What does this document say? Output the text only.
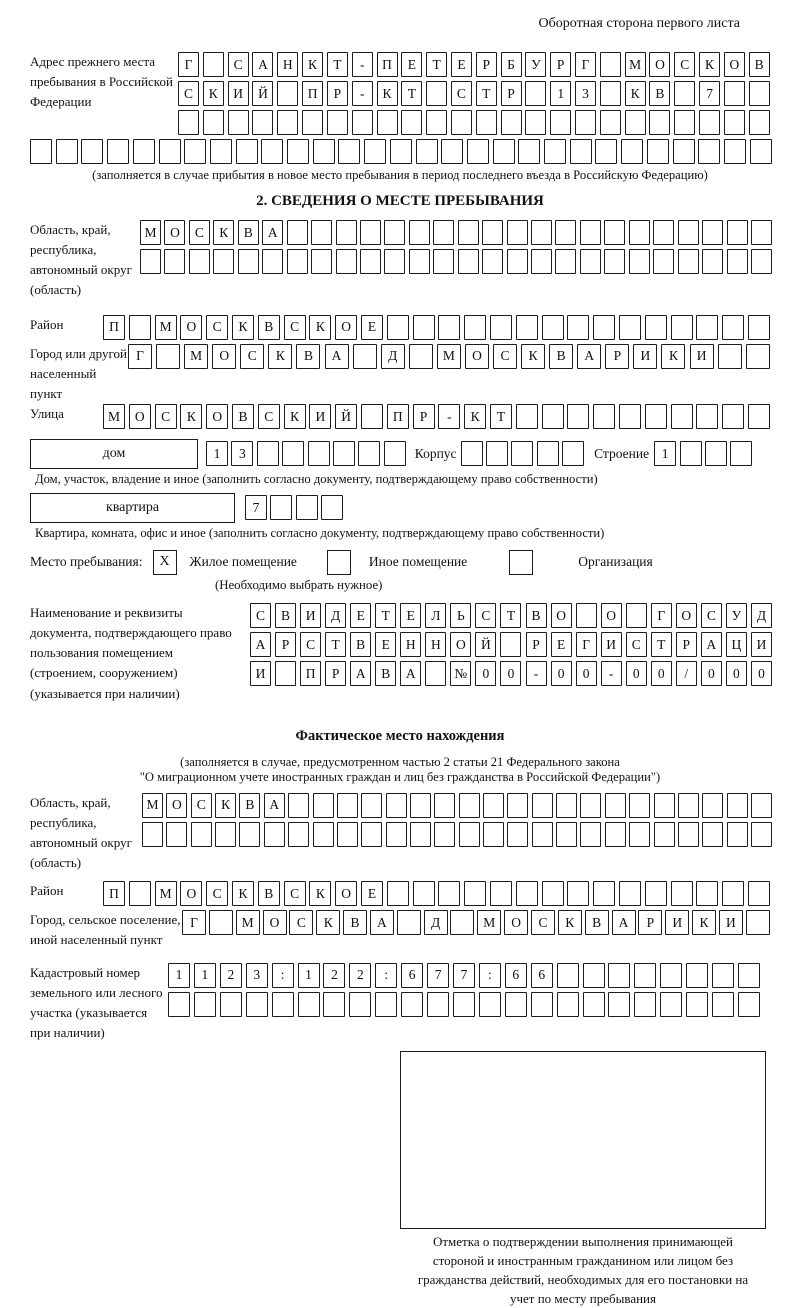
Оборотная сторона первого листа
Адрес прежнего места пребывания в Российской Федерации
Г	С	А	Н	К	Т	-	П	Е	Т	Е	Р	Б	У	Р	Г	М	О	С	К	О	В
С	К	И	Й	П	Р	-	К	Т	С	Т	Р	1	3	К	В	7
(заполняется в случае прибытия в новое место пребывания в период последнего въезда в Российскую Федерацию)
2. СВЕДЕНИЯ О МЕСТЕ ПРЕБЫВАНИЯ
Область, край, республика, автономный округ (область)
М	О	С	К	В	А
Район	П	М	О	С	К	В	С	К	О	Е
Город или другой населенный пункт
Г	М	О	С	К	В	А	Д	М	О	С	К	В	А	Р	И	К	И
Улица	М	О	С	К	О	В	С	К	И	Й	П	Р	-	К	Т
дом	1	3	Корпус	Строение 1
Дом, участок, владение и иное (заполнить согласно документу, подтверждающему право собственности)
квартира	7
Квартира, комната, офис и иное (заполнить согласно документу, подтверждающему право собственности)
Место пребывания:	X	Жилое помещение	Иное помещение	Организация
(Необходимо выбрать нужное)
Наименование и реквизиты документа, подтверждающего право пользования помещением (строением, сооружением) (указывается при наличии)
С	В	И	Д	Е	Т	Е	Л	Ь	С	Т	В	О	О	Г	О	С	У	Д
А	Р	С	Т	В	Е	Н	Н	О	Й	Р	Е	Г	И	С	Т	Р	А	Ц	И
И	П	Р	А	В	А	№	0	0	-	0	0	-	0	0	/	0	0	0
Фактическое место нахождения
(заполняется в случае, предусмотренном частью 2 статьи 21 Федерального закона
"О миграционном учете иностранных граждан и лиц без гражданства в Российской Федерации")
Область, край, республика, автономный округ (область)
М О	С	К	В	А
Район	П	М	О	С	К	В	С	К	О	Е
Город, сельское поселение, иной населенный пункт
Г	М	О	С	К	В	А	Д	М	О	С	К	В	А	Р	И	К	И
Кадастровый номер земельного или лесного участка (указывается при наличии)
1	1	2	3	:	1	2	2	:	6	7	7	:	6	6
Отметка о подтверждении выполнения принимающей стороной и иностранным гражданином или лицом без гражданства действий, необходимых для его постановки на учет по месту пребывания
